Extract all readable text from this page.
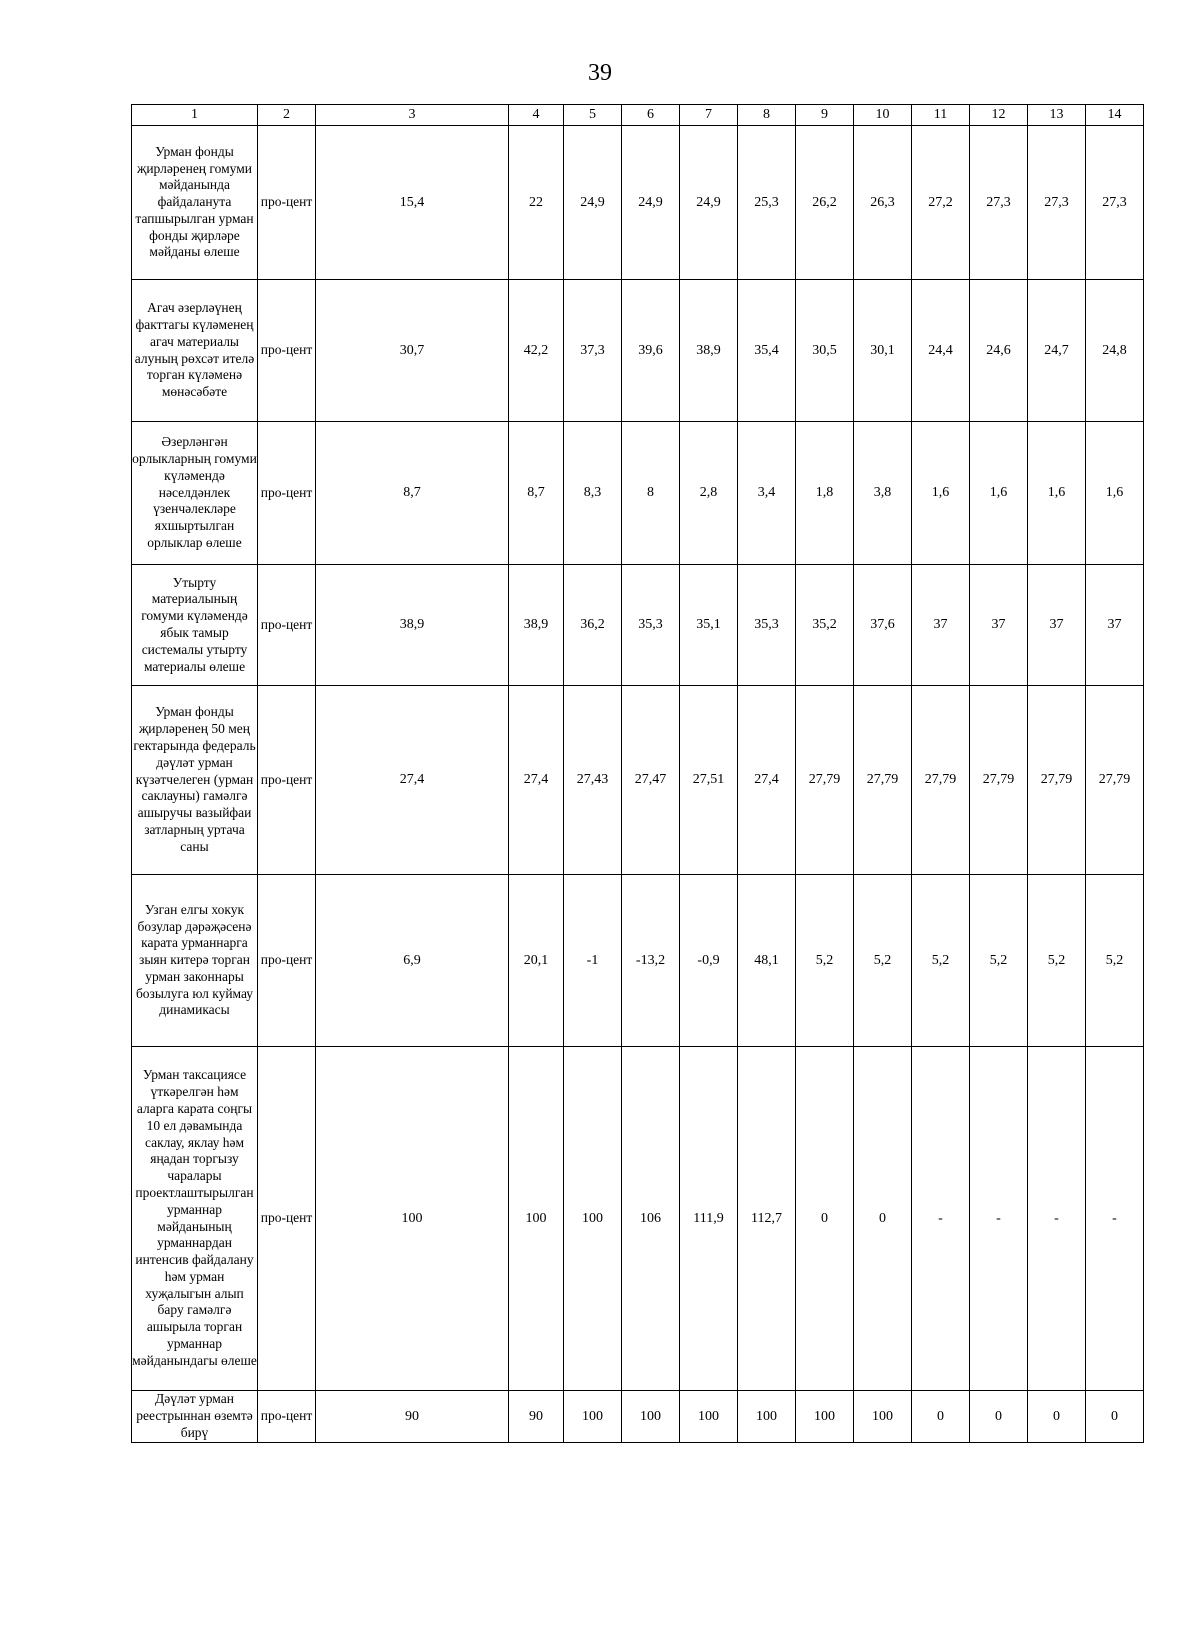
39
1	2	3	4	5	6	7	8	9	10	11	12	13	14
Урман фонды җирләренең гомуми мәйданында файдаланута тапшырылган урман фонды җирләре мәйданы өлеше	про-цент	15,4	22	24,9	24,9	24,9	25,3	26,2	26,3	27,2	27,3	27,3	27,3
Агач әзерләүнең факттагы күләменең агач материалы алуның рөхсәт ителә торган күләменә мөнәсәбәте	про-цент	30,7	42,2	37,3	39,6	38,9	35,4	30,5	30,1	24,4	24,6	24,7	24,8
Әзерләнгән орлыкларның гомуми күләмендә нәселдәнлек үзенчәлекләре яхшыртылган орлыклар өлеше	про-цент	8,7	8,7	8,3	8	2,8	3,4	1,8	3,8	1,6	1,6	1,6	1,6
Утырту материалының гомуми күләмендә ябык тамыр системалы утырту материалы өлеше	про-цент	38,9	38,9	36,2	35,3	35,1	35,3	35,2	37,6	37	37	37	37
Урман фонды җирләренең 50 мең гектарында федераль дәүләт урман күзәтчелеген (урман саклауны) гамәлгә ашыручы вазыйфаи затларның уртача саны	про-цент	27,4	27,4	27,43	27,47	27,51	27,4	27,79	27,79	27,79	27,79	27,79	27,79
Узган елгы хокук бозулар дәрәҗәсенә карата урманнарга зыян китерә торган урман законнары бозылуга юл куймау динамикасы	про-цент	6,9	20,1	-1	-13,2	-0,9	48,1	5,2	5,2	5,2	5,2	5,2	5,2
Урман таксациясе үткәрелгән һәм аларга карата соңгы 10 ел дәвамында саклау, яклау һәм яңадан торгызу чаралары проектлаштырылган урманнар мәйданының урманнардан интенсив файдалану һәм урман хуҗалыгын алып бару гамәлгә ашырыла торган урманнар мәйданындагы өлеше	про-цент	100	100	100	106	111,9	112,7	0	0	-	-	-	-
Дәүләт урман реестрыннан өземтә бирү	про-цент	90	90	100	100	100	100	100	100	0	0	0	0
